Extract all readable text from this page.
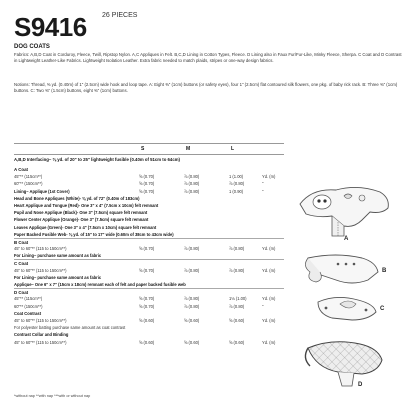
S9416 26 PIECES
DOG COATS
Fabrics: A,B,D Coat in Corduroy, Fleece, Twill, Ripstop Nylon. A,C Appliques in Felt. B,C,D Lining in Cotton Types, Fleece. D Lining also in Faux Fur/Fur-Like, Minky Fleece, Sherpa. C Coat and D Contrast in Lightweight Leather-Like Fabrics. Lightweight Isolation Leather. Extra fabric needed to match plaids, stripes or one-way design fabrics.
Notions: Thread, ⅜ yd. (0.40m) of 1" (2.5cm) wide hook and loop tape. A: Eight ⅜" (1cm) buttons (or safety eyes), four 1" (2.5cm) flat contoured silk flowers, one pkg. of baby rick rack. B: Three ⅜" (1cm) buttons. C: Two ⅜" (1.5cm) buttons, eight ⅜" (1cm) buttons.
S	M	L
A,B,D Interfacing– ⅜ yd. of 20" to 25" lightweight fusible (0.40m of 51cm to 64cm)
A Coat
45"** (115cm**)	⅝ (0.70)	⅞ (0.80)	1 (1.00)	Yd. (m)
60"** (150cm**)	⅝ (0.70)	⅞ (0.80)	⅞ (0.80)	"
Lining– Applique (1st Cover)	⅝ (0.70)	⅞ (0.80)	1 (0.90)	"
Head and Bone Appliques (White)- ⅜ yd. of 72" (0.40m of 183cm)
Heart Applique and Tongue (Red)- One 3" x 4" (7.5cm x 10cm) felt remnant
Pupil and Nose Applique (Black)- One 3" (7.5cm) square felt remnant
Flower Center Applique (Orange)- One 3" (7.5cm) square felt remnant
Leaves Applique (Green)- One 3" x 4" (7.5cm x 10cm) square felt remnant
Paper Backed Fusible Web- ⅜ yd. of 15" to 17" wide (0.60m of 38cm to 43cm wide)
B Coat
45" to 60"** (115 to 150cm**)	⅝ (0.70)	⅞ (0.80)	⅞ (0.80)	Yd. (m)
For Lining– purchase same amount as fabric
C Coat
45" to 60"** (115 to 150cm**)	⅝ (0.70)	⅞ (0.80)	⅞ (0.80)	Yd. (m)
For Lining– purchase same amount as fabric
Applique– One 6" x 7" (15cm x 18cm) remnant each of felt and paper backed fusible web
D Coat
45"** (115cm**)	⅝ (0.70)	⅞ (0.80)	1⅛ (1.00)	Yd. (m)
60"** (150cm**)	⅝ (0.70)	⅞ (0.80)	⅞ (0.80)	"
Coat Contrast
45" to 60"** (115 to 150cm**)	⅝ (0.60)	⅝ (0.60)	⅝ (0.60)	Yd. (m)
For polyester batting purchase same amount as coat contrast
Contrast Collar and Binding
45" to 60"** (115 to 150cm**)	⅝ (0.60)	⅝ (0.60)	⅝ (0.60)	Yd. (m)
*without nap **with nap ***with or without nap
A
B
C
D
